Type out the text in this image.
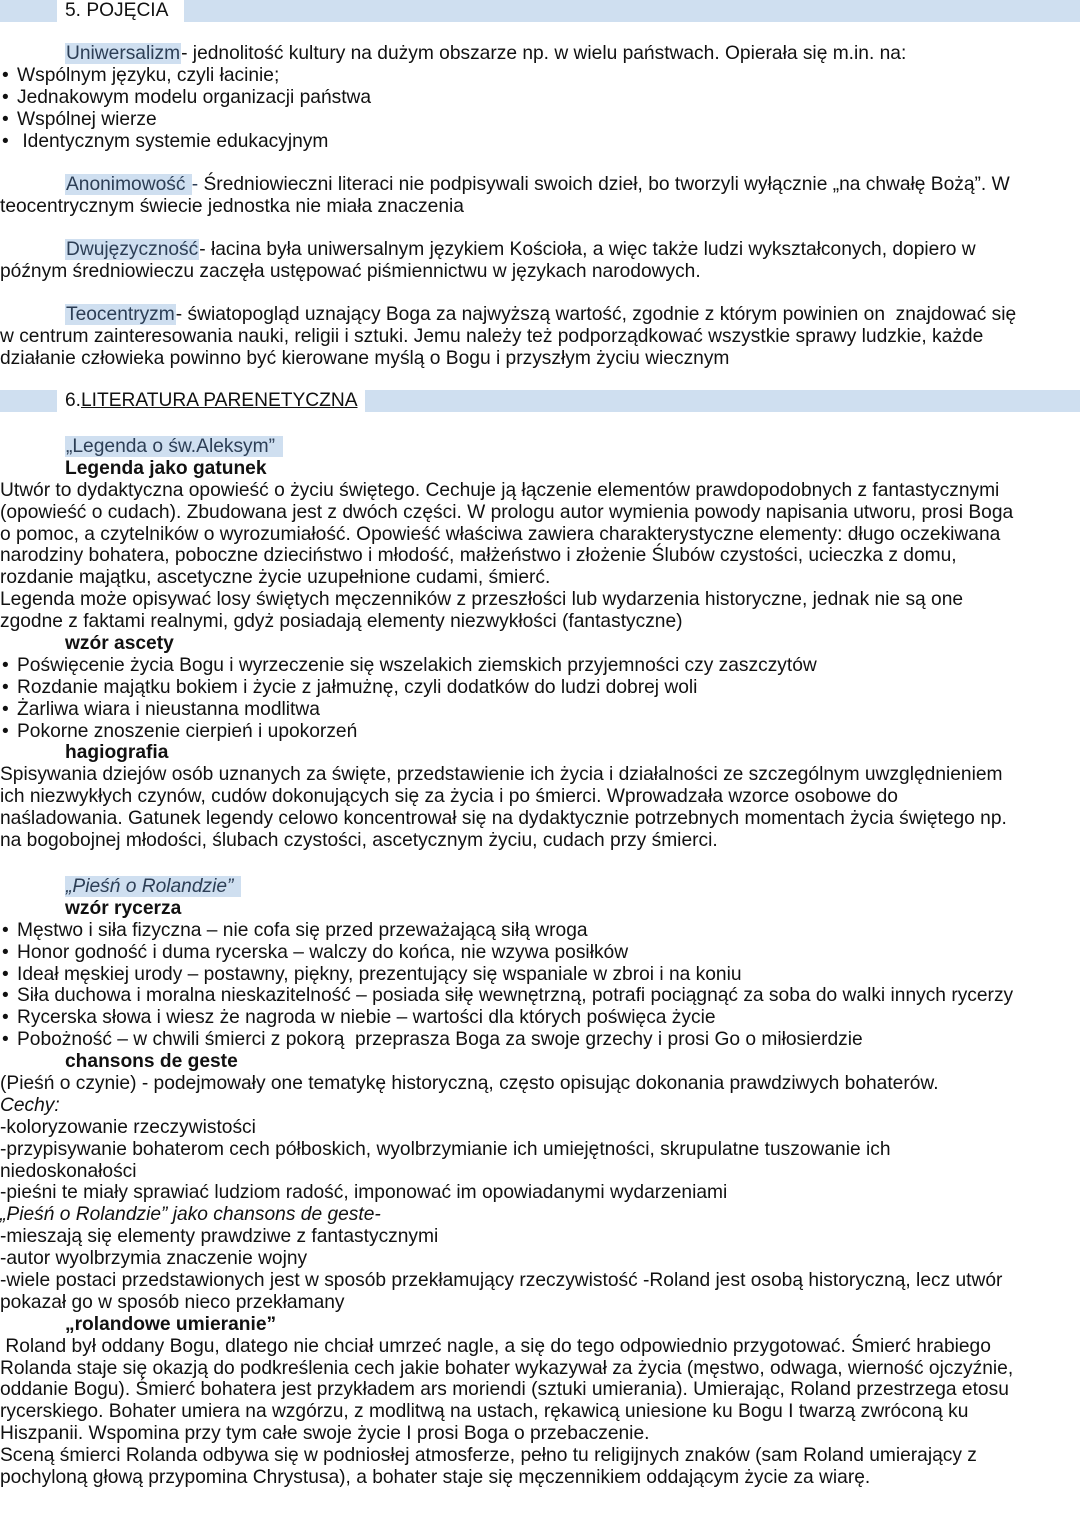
5. POJĘCIA
Uniwersalizm- jednolitość kultury na dużym obszarze np. w wielu państwach. Opierała się m.in. na:
• Wspólnym języku, czyli łacinie;
• Jednakowym modelu organizacji państwa
• Wspólnej wierze
• Identycznym systemie edukacyjnym
Anonimowość - Średniowieczni literaci nie podpisywali swoich dzieł, bo tworzyli wyłącznie „na chwałę Bożą”. W
teocentrycznym świecie jednostka nie miała znaczenia
Dwujęzyczność- łacina była uniwersalnym językiem Kościoła, a więc także ludzi wykształconych, dopiero w
późnym średniowieczu zaczęła ustępować piśmiennictwu w językach narodowych.
Teocentryzm- światopogląd uznający Boga za najwyższą wartość, zgodnie z którym powinien on  znajdować się
w centrum zainteresowania nauki, religii i sztuki. Jemu należy też podporządkować wszystkie sprawy ludzkie, każde
działanie człowieka powinno być kierowane myślą o Bogu i przyszłym życiu wiecznym
6.LITERATURA PARENETYCZNA
„Legenda o św.Aleksym”
Legenda jako gatunek
Utwór to dydaktyczna opowieść o życiu świętego. Cechuje ją łączenie elementów prawdopodobnych z fantastycznymi
(opowieść o cudach). Zbudowana jest z dwóch części. W prologu autor wymienia powody napisania utworu, prosi Boga
o pomoc, a czytelników o wyrozumiałość. Opowieść właściwa zawiera charakterystyczne elementy: długo oczekiwana
narodziny bohatera, poboczne dzieciństwo i młodość, małżeństwo i złożenie Ślubów czystości, ucieczka z domu,
rozdanie majątku, ascetyczne życie uzupełnione cudami, śmierć.
Legenda może opisywać losy świętych męczenników z przeszłości lub wydarzenia historyczne, jednak nie są one
zgodne z faktami realnymi, gdyż posiadają elementy niezwykłości (fantastyczne)
wzór ascety
• Poświęcenie życia Bogu i wyrzeczenie się wszelakich ziemskich przyjemności czy zaszczytów
• Rozdanie majątku bokiem i życie z jałmużnę, czyli dodatków do ludzi dobrej woli
• Żarliwa wiara i nieustanna modlitwa
• Pokorne znoszenie cierpień i upokorzeń
hagiografia
Spisywania dziejów osób uznanych za święte, przedstawienie ich życia i działalności ze szczególnym uwzględnieniem
ich niezwykłych czynów, cudów dokonujących się za życia i po śmierci. Wprowadzała wzorce osobowe do
naśladowania. Gatunek legendy celowo koncentrował się na dydaktycznie potrzebnych momentach życia świętego np.
na bogobojnej młodości, ślubach czystości, ascetycznym życiu, cudach przy śmierci.
„Pieśń o Rolandzie”
wzór rycerza
• Męstwo i siła fizyczna – nie cofa się przed przeważającą siłą wroga
• Honor godność i duma rycerska – walczy do końca, nie wzywa posiłków
• Ideał męskiej urody – postawny, piękny, prezentujący się wspaniale w zbroi i na koniu
• Siła duchowa i moralna nieskazitelność – posiada siłę wewnętrzną, potrafi pociągnąć za soba do walki innych rycerzy
• Rycerska słowa i wiesz że nagroda w niebie – wartości dla których poświęca życie
• Pobożność – w chwili śmierci z pokorą  przeprasza Boga za swoje grzechy i prosi Go o miłosierdzie
chansons de geste
(Pieśń o czynie) - podejmowały one tematykę historyczną, często opisując dokonania prawdziwych bohaterów.
Cechy:
-koloryzowanie rzeczywistości
-przypisywanie bohaterom cech półboskich, wyolbrzymianie ich umiejętności, skrupulatne tuszowanie ich
niedoskonałości
-pieśni te miały sprawiać ludziom radość, imponować im opowiadanymi wydarzeniami
„Pieśń o Rolandzie” jako chansons de geste-
-mieszają się elementy prawdziwe z fantastycznymi
-autor wyolbrzymia znaczenie wojny
-wiele postaci przedstawionych jest w sposób przekłamujący rzeczywistość -Roland jest osobą historyczną, lecz utwór
pokazał go w sposób nieco przekłamany
„rolandowe umieranie”
Roland był oddany Bogu, dlatego nie chciał umrzeć nagle, a się do tego odpowiednio przygotować. Śmierć hrabiego
Rolanda staje się okazją do podkreślenia cech jakie bohater wykazywał za życia (męstwo, odwaga, wierność ojczyźnie,
oddanie Bogu). Śmierć bohatera jest przykładem ars moriendi (sztuki umierania). Umierając, Roland przestrzega etosu
rycerskiego. Bohater umiera na wzgórzu, z modlitwą na ustach, rękawicą uniesione ku Bogu I twarzą zwróconą ku
Hiszpanii. Wspomina przy tym całe swoje życie I prosi Boga o przebaczenie.
Sceną śmierci Rolanda odbywa się w podniosłej atmosferze, pełno tu religijnych znaków (sam Roland umierający z
pochyloną głową przypomina Chrystusa), a bohater staje się męczennikiem oddającym życie za wiarę.
